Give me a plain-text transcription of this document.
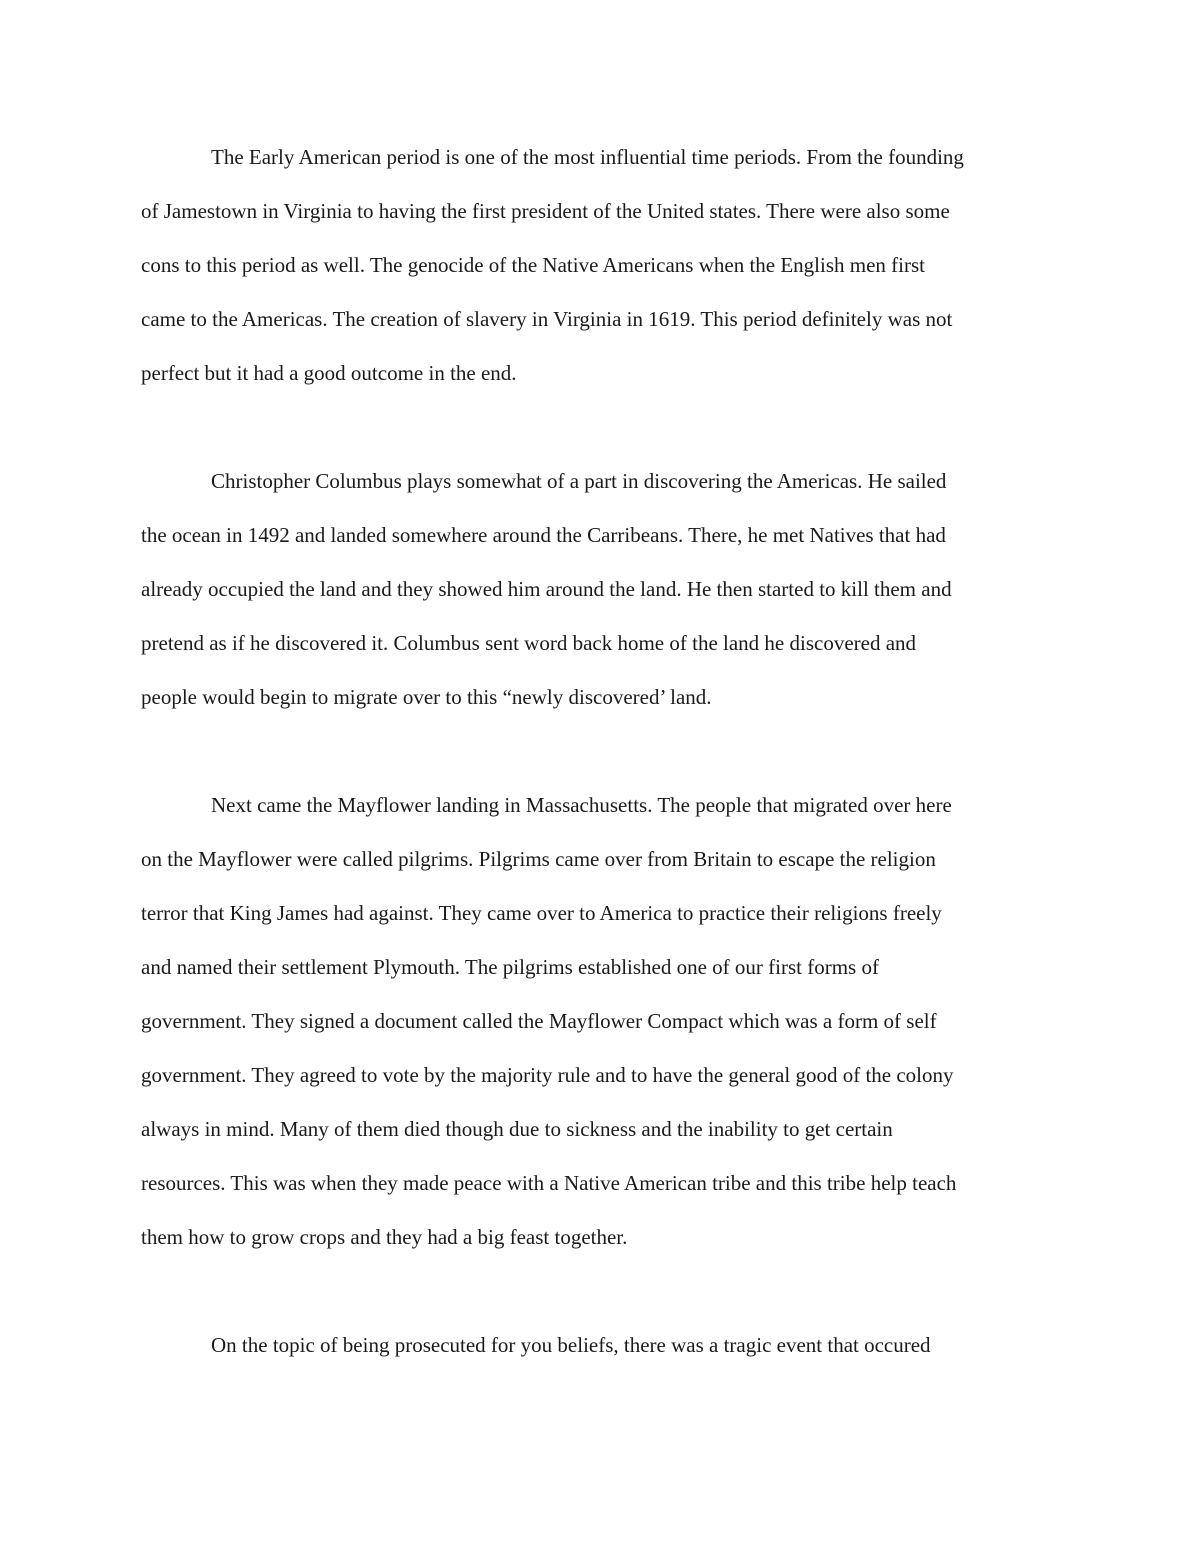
The Early American period is one of the most influential time periods. From the founding

of Jamestown in Virginia to having the first president of the United states. There were also some

cons to this period as well. The genocide of the Native Americans when the English men first

came to the Americas. The creation of slavery in Virginia in 1619. This period definitely was not

perfect but it had a good outcome in the end.

Christopher Columbus plays somewhat of a part in discovering the Americas. He sailed

the ocean in 1492 and landed somewhere around the Carribeans. There, he met Natives that had

already occupied the land and they showed him around the land. He then started to kill them and

pretend as if he discovered it. Columbus sent word back home of the land he discovered and

people would begin to migrate over to this “newly discovered’ land.

Next came the Mayflower landing in Massachusetts. The people that migrated over here

on the Mayflower were called pilgrims. Pilgrims came over from Britain to escape the religion

terror that King James had against. They came over to America to practice their religions freely

and named their settlement Plymouth. The pilgrims established one of our first forms of

government. They signed a document called the Mayflower Compact which was a form of self

government. They agreed to vote by the majority rule and to have the general good of the colony

always in mind. Many of them died though due to sickness and the inability to get certain

resources. This was when they made peace with a Native American tribe and this tribe help teach

them how to grow crops and they had a big feast together.

On the topic of being prosecuted for you beliefs, there was a tragic event that occured
